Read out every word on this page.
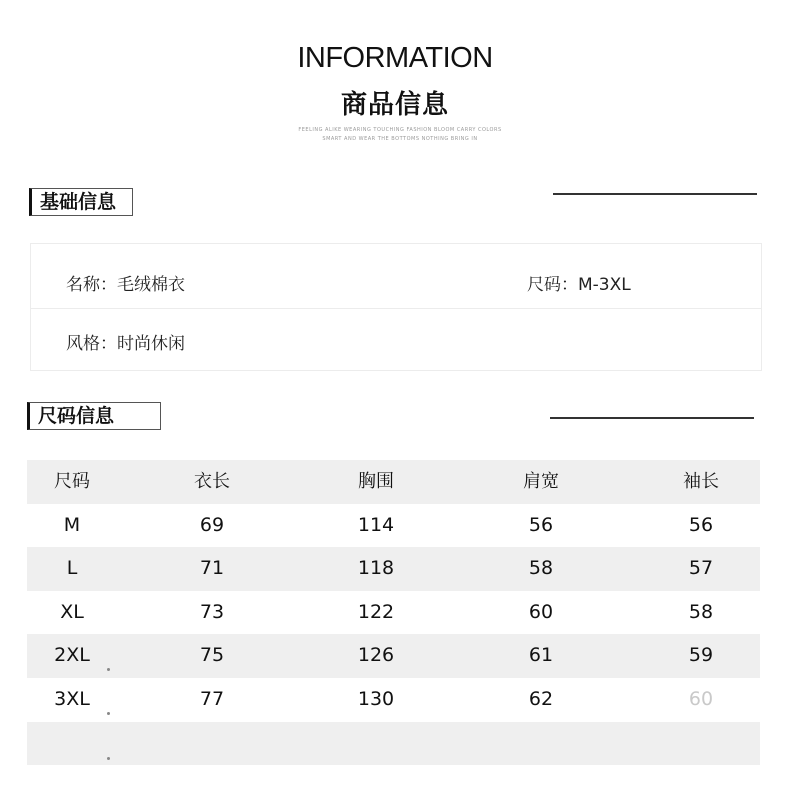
INFORMATION
商品信息
FEELING ALIKE WEARING TOUCHING FASHION BLOOM CARRY COLORS
SMART AND WEAR THE BOTTOMS NOTHING BRING IN
基础信息
名称：毛绒棉衣	尺码：M-3XL
风格：时尚休闲
尺码信息
尺码	衣长	胸围	肩宽	袖长
M	69	114	56	56
L	71	118	58	57
XL	73	122	60	58
2XL	75	126	61	59
3XL	77	130	62	60
